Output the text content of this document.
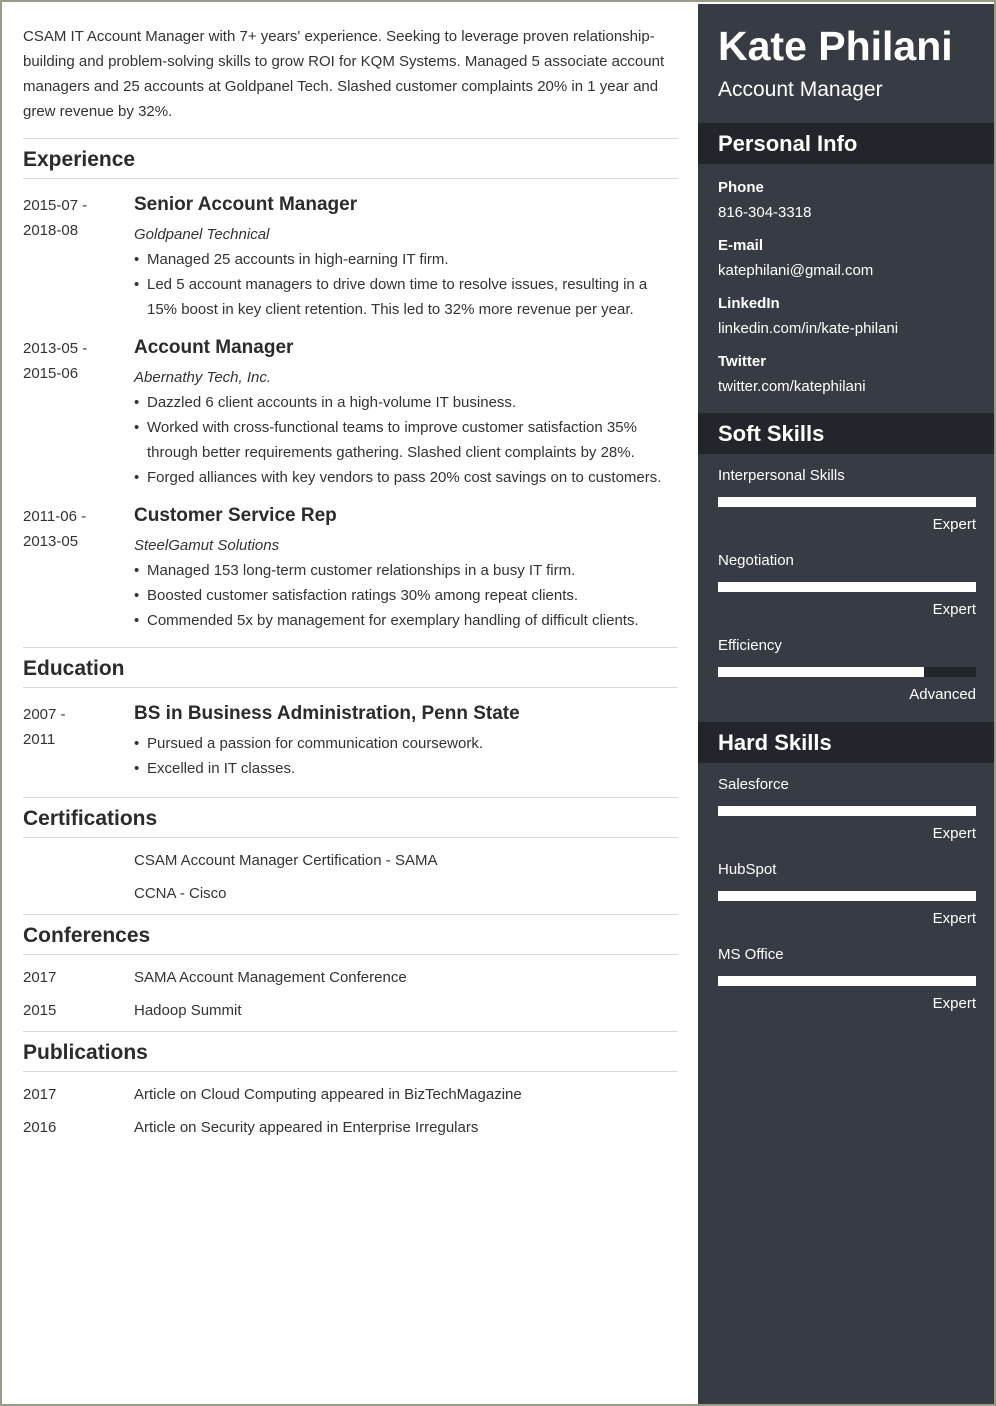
CSAM IT Account Manager with 7+ years' experience. Seeking to leverage proven relationship-building and problem-solving skills to grow ROI for KQM Systems. Managed 5 associate account managers and 25 accounts at Goldpanel Tech. Slashed customer complaints 20% in 1 year and grew revenue by 32%.

Experience
2015-07 -
2018-08
Senior Account Manager
Goldpanel Technical
• Managed 25 accounts in high-earning IT firm.
• Led 5 account managers to drive down time to resolve issues, resulting in a 15% boost in key client retention. This led to 32% more revenue per year.
2013-05 -
2015-06
Account Manager
Abernathy Tech, Inc.
• Dazzled 6 client accounts in a high-volume IT business.
• Worked with cross-functional teams to improve customer satisfaction 35% through better requirements gathering. Slashed client complaints by 28%.
• Forged alliances with key vendors to pass 20% cost savings on to customers.
2011-06 -
2013-05
Customer Service Rep
SteelGamut Solutions
• Managed 153 long-term customer relationships in a busy IT firm.
• Boosted customer satisfaction ratings 30% among repeat clients.
• Commended 5x by management for exemplary handling of difficult clients.
Education
2007 -
2011
BS in Business Administration, Penn State
• Pursued a passion for communication coursework.
• Excelled in IT classes.
Certifications
CSAM Account Manager Certification - SAMA
CCNA - Cisco
Conferences
2017	SAMA Account Management Conference
2015	Hadoop Summit
Publications
2017	Article on Cloud Computing appeared in BizTechMagazine
2016	Article on Security appeared in Enterprise Irregulars
Kate Philani
Account Manager
Personal Info
Phone
816-304-3318
E-mail
katephilani@gmail.com
LinkedIn
linkedin.com/in/kate-philani
Twitter
twitter.com/katephilani
Soft Skills
Interpersonal Skills
Expert
Negotiation
Expert
Efficiency
Advanced
Hard Skills
Salesforce
Expert
HubSpot
Expert
MS Office
Expert
